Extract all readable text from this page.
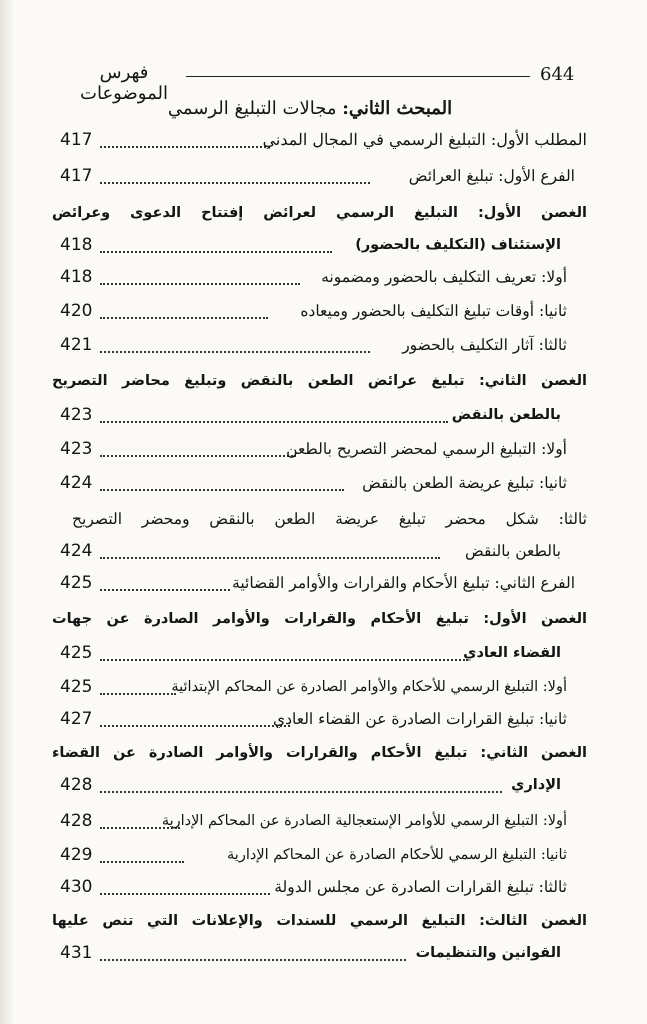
فهرس الموضوعات
644
المبحث الثاني: مجالات التبليغ الرسمي
417	المطلب الأول: التبليغ الرسمي في المجال المدني
417	الفرع الأول: تبليغ العرائض
الغصن الأول: التبليغ الرسمي لعرائض إفتتاح الدعوى وعرائض
418	الإستئناف (التكليف بالحضور)
418	أولا: تعريف التكليف بالحضور ومضمونه
420	ثانيا: أوقات تبليغ التكليف بالحضور وميعاده
421	ثالثا: آثار التكليف بالحضور
الغصن الثاني: تبليغ عرائض الطعن بالنقض وتبليغ محاضر التصريح
423	بالطعن بالنقض
423	أولا: التبليغ الرسمي لمحضر التصريح بالطعن
424	ثانيا: تبليغ عريضة الطعن بالنقض
ثالثا: شكل محضر تبليغ عريضة الطعن بالنقض ومحضر التصريح
424	بالطعن بالنقض
425	الفرع الثاني: تبليغ الأحكام والقرارات والأوامر القضائية
الغصن الأول: تبليغ الأحكام والقرارات والأوامر الصادرة عن جهات
425	القضاء العادي
425	أولا: التبليغ الرسمي للأحكام والأوامر الصادرة عن المحاكم الإبتدائية
427	ثانيا: تبليغ القرارات الصادرة عن القضاء العادي
الغصن الثاني: تبليغ الأحكام والقرارات والأوامر الصادرة عن القضاء
428	الإداري
428	أولا: التبليغ الرسمي للأوامر الإستعجالية الصادرة عن المحاكم الإدارية
429	ثانيا: التبليغ الرسمي للأحكام الصادرة عن المحاكم الإدارية
430	ثالثا: تبليغ القرارات الصادرة عن مجلس الدولة
الغصن الثالث: التبليغ الرسمي للسندات والإعلانات التي تنص عليها
431	القوانين والتنظيمات
